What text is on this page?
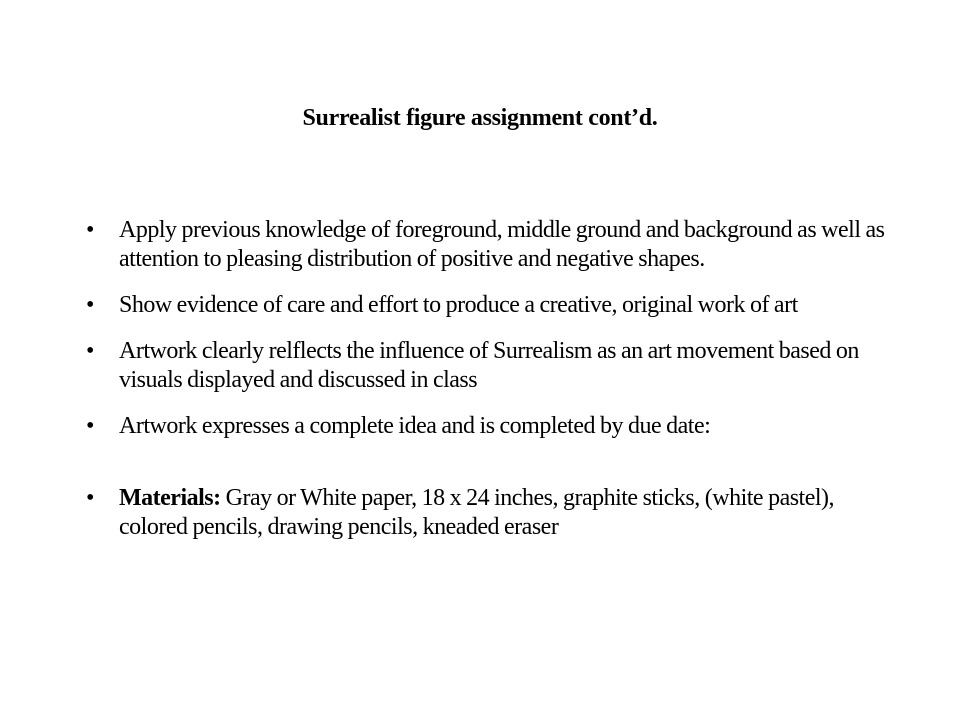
Surrealist figure assignment cont’d.
•	Apply previous knowledge of foreground, middle ground and background as well as attention to pleasing distribution of positive and negative shapes.
•	Show evidence of care and effort to produce a creative, original work of art
•	Artwork clearly relflects the influence of Surrealism as an art movement based on visuals displayed and discussed in class
•	Artwork expresses a complete idea and is completed by due date:
•	Materials: Gray or White paper, 18 x 24 inches, graphite sticks, (white pastel), colored pencils, drawing pencils, kneaded eraser
